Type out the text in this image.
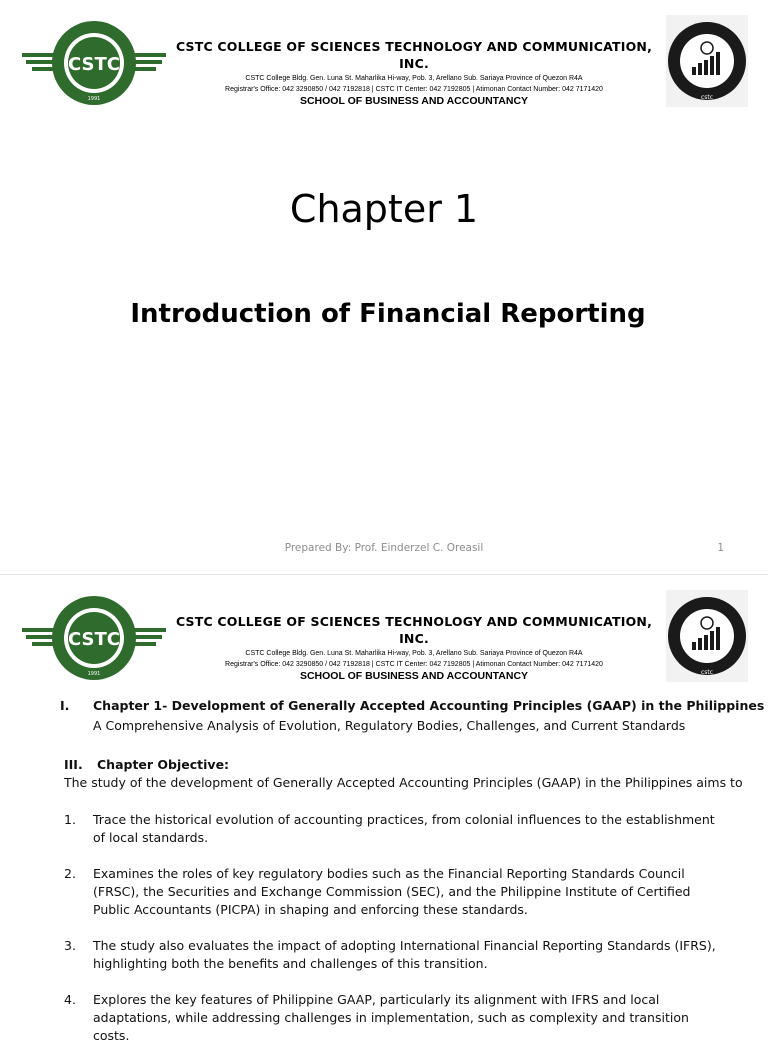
CSTC
1991
CSTC COLLEGE OF SCIENCES TECHNOLOGY AND COMMUNICATION, INC.
CSTC College Bldg. Gen. Luna St. Maharlika Hi-way, Pob. 3, Arellano Sub. Sariaya Province of Quezon R4A
Registrar's Office: 042 3290850 / 042 7192818 | CSTC IT Center: 042 7192805 | Atimonan Contact Number: 042 7171420
SCHOOL OF BUSINESS AND ACCOUNTANCY	cstc
Chapter 1
Introduction of Financial Reporting
Prepared By: Prof. Einderzel C. Oreasil	1
CSTC
1991
CSTC COLLEGE OF SCIENCES TECHNOLOGY AND COMMUNICATION, INC.
CSTC College Bldg. Gen. Luna St. Maharlika Hi-way, Pob. 3, Arellano Sub. Sariaya Province of Quezon R4A
Registrar's Office: 042 3290850 / 042 7192818 | CSTC IT Center: 042 7192805 | Atimonan Contact Number: 042 7171420
SCHOOL OF BUSINESS AND ACCOUNTANCY	cstc
I. Chapter 1- Development of Generally Accepted Accounting Principles (GAAP) in the Philippines
A Comprehensive Analysis of Evolution, Regulatory Bodies, Challenges, and Current Standards
III. Chapter Objective:
The study of the development of Generally Accepted Accounting Principles (GAAP) in the Philippines aims to
1. Trace the historical evolution of accounting practices, from colonial influences to the establishment of local standards.
2. Examines the roles of key regulatory bodies such as the Financial Reporting Standards Council (FRSC), the Securities and Exchange Commission (SEC), and the Philippine Institute of Certified Public Accountants (PICPA) in shaping and enforcing these standards.
3. The study also evaluates the impact of adopting International Financial Reporting Standards (IFRS), highlighting both the benefits and challenges of this transition.
4. Explores the key features of Philippine GAAP, particularly its alignment with IFRS and local adaptations, while addressing challenges in implementation, such as complexity and transition costs.
